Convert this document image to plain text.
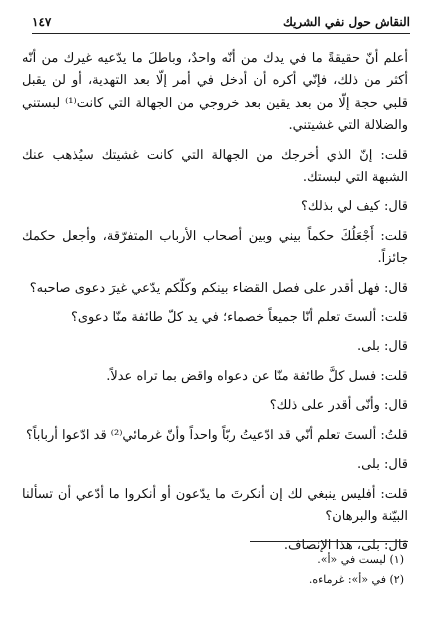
النقاش حول نفي الشريك
١٤٧

أعلم أنّ حقيقةً ما في يدك من أنّه واحدٌ، وباطلَ ما يدّعيه غيرك من أنّه أكثر من ذلك، فإنّي أكره أن أدخل في أمر إلّا بعد التهدية، أو لن يقبل قلبي حجة إلّا من بعد يقين بعد خروجي من الجهالة التي كانت⁽¹⁾ لبستني والضلالة التي غشيتني.

قلت: إنّ الذي أخرجك من الجهالة التي كانت غشيتك سيُذهب عنك الشبهة التي لبستك.

قال: كيف لي بذلك؟

قلت: أَجْعَلُكَ حكماً بيني وبين أصحاب الأرباب المتفرّقة، وأجعل حكمك جائزاً.

قال: فهل أقدر على فصل القضاء بينكم وكلّكم يدّعي غيرَ دعوى صاحبه؟

قلت: ألستَ تعلم أنّا جميعاً خصماء؛ في يد كلّ طائفة منّا دعوى؟

قال: بلى.

قلت: فسل كلَّ طائفة منّا عن دعواه واقض بما تراه عدلاً.

قال: وأنّى أقدر على ذلك؟

قلتُ: ألستَ تعلم أنّي قد ادّعيتُ ربّاً واحداً وأنّ غرمائي⁽²⁾ قد ادّعوا أرباباً؟

قال: بلى.

قلت: أفليس ينبغي لك إن أنكرتَ ما يدّعون أو أنكروا ما أدّعي أن تسألنا البيّنة والبرهان؟

قال: بلى، هذا الإنصاف.

(١) ليست في «أ».

(٢) في «أ»: غرماءه.
